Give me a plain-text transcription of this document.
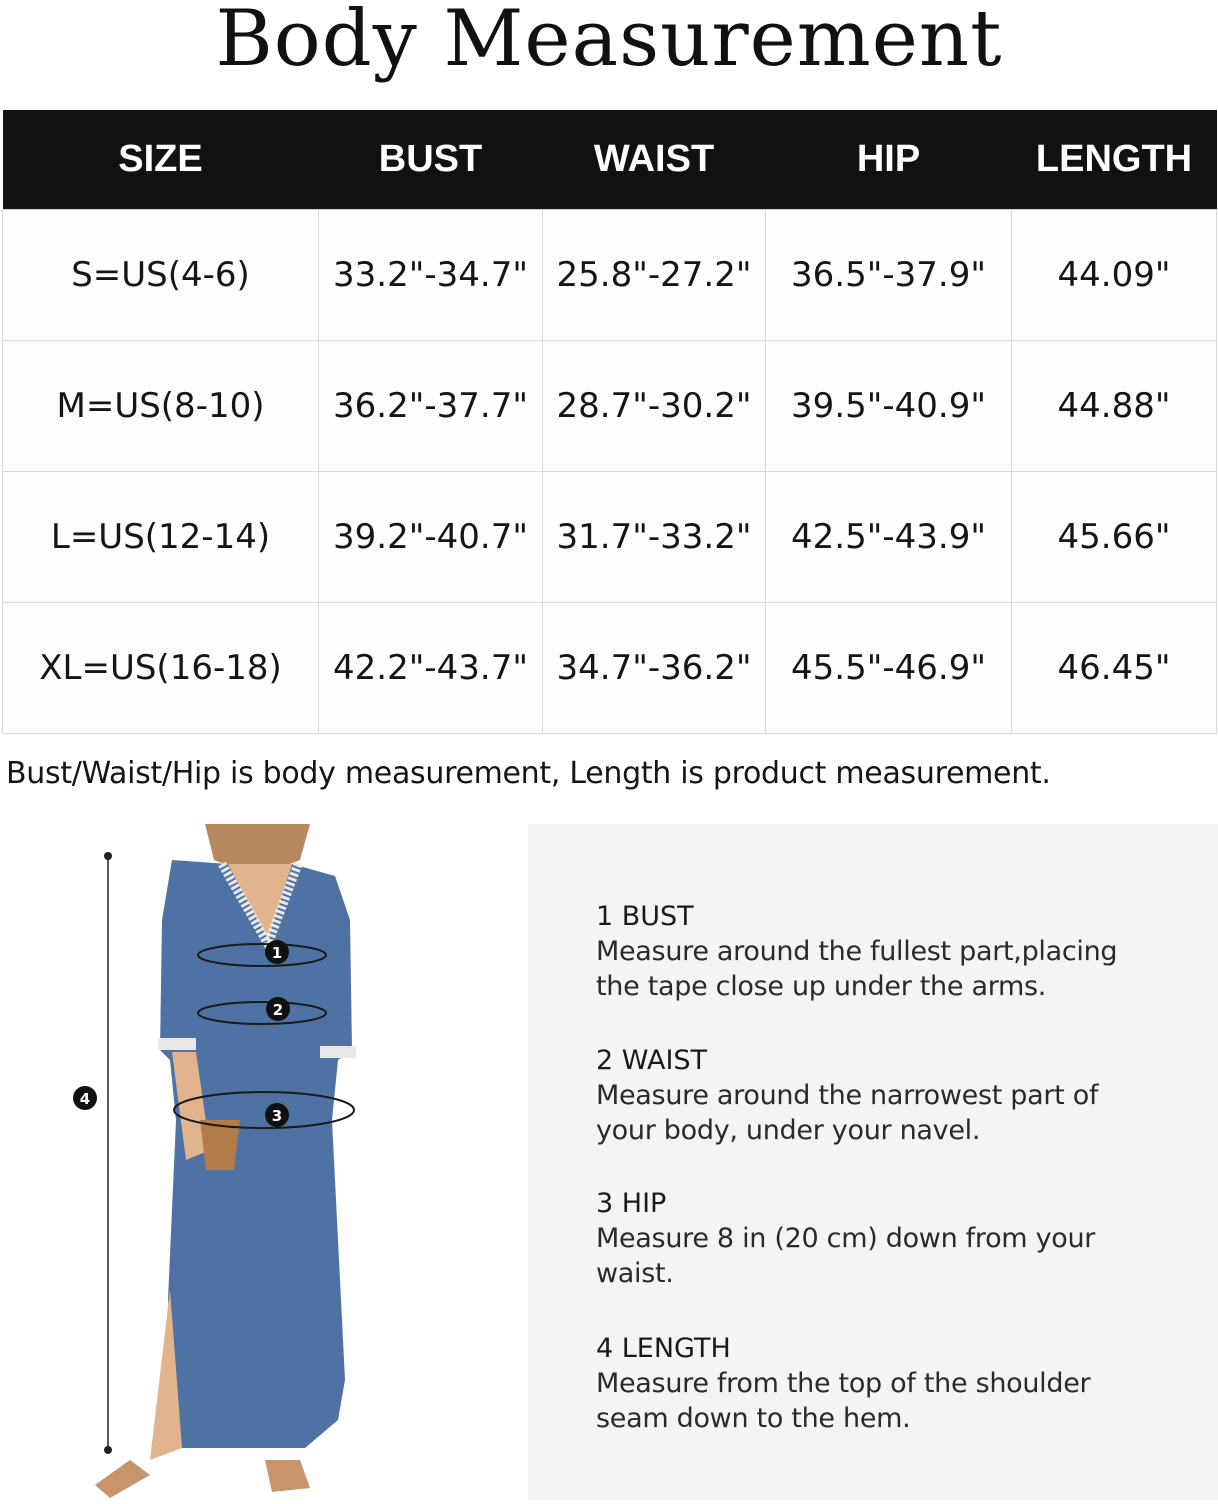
Body Measurement
SIZE	BUST	WAIST	HIP	LENGTH
S=US(4-6)	33.2"-34.7"	25.8"-27.2"	36.5"-37.9"	44.09"
M=US(8-10)	36.2"-37.7"	28.7"-30.2"	39.5"-40.9"	44.88"
L=US(12-14)	39.2"-40.7"	31.7"-33.2"	42.5"-43.9"	45.66"
XL=US(16-18)	42.2"-43.7"	34.7"-36.2"	45.5"-46.9"	46.45"
Bust/Waist/Hip is body measurement, Length is product measurement.
1
2
3
4
1 BUST
Measure around the fullest part,placing
the tape close up under the arms.
2 WAIST
Measure around the narrowest part of
your body, under your navel.
3 HIP
Measure 8 in (20 cm) down from your
waist.
4 LENGTH
Measure from the top of the shoulder
seam down to the hem.
